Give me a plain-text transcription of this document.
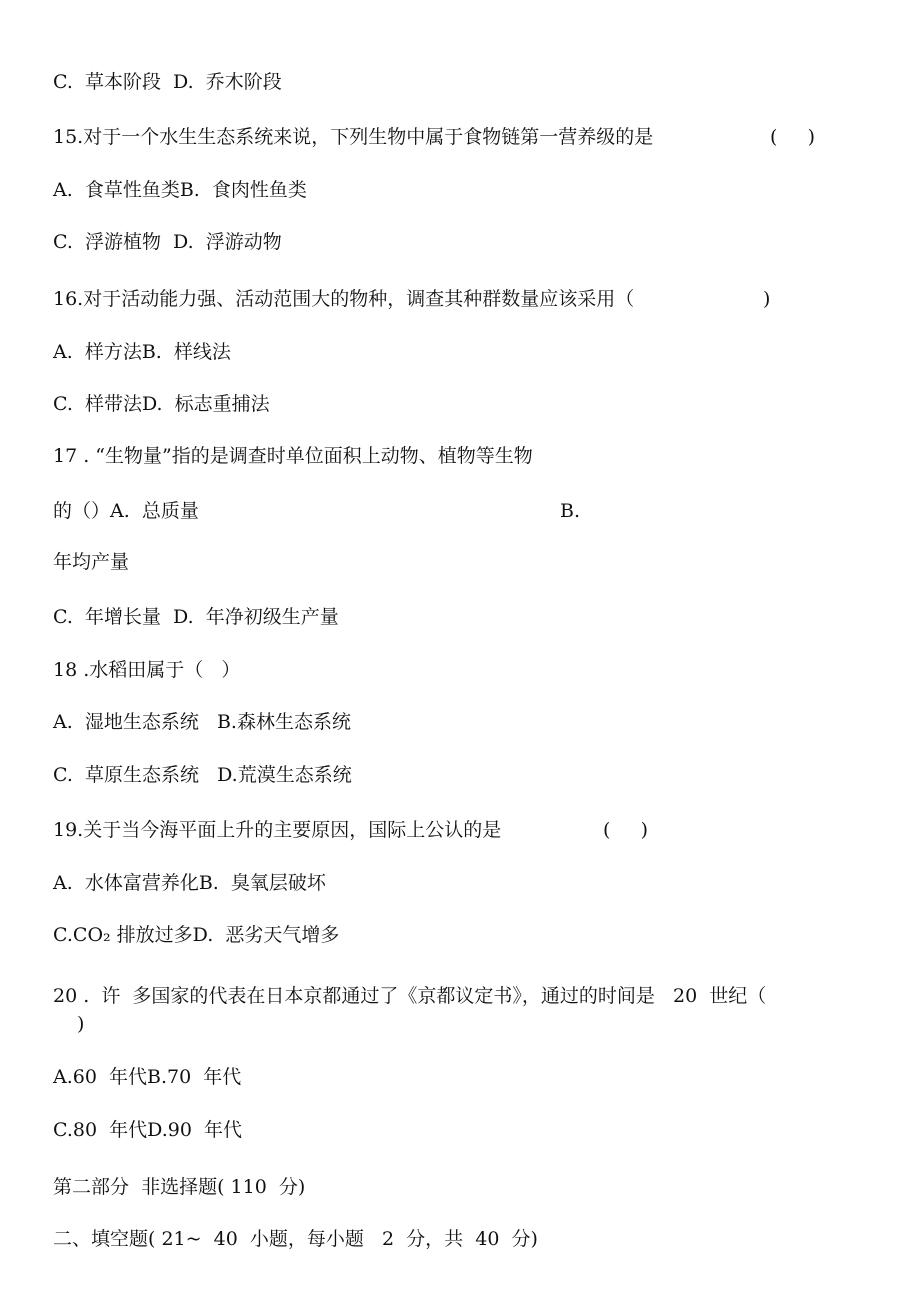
C.  草本阶段  D.  乔木阶段
15.对于一个水生生态系统来说，下列生物中属于食物链第一营养级的是	(     )
A.  食草性鱼类B.  食肉性鱼类
C.  浮游植物  D.  浮游动物
16.对于活动能力强、活动范围大的物种，调查其种群数量应该采用（	)
A.  样方法B.  样线法
C.  样带法D.  标志重捕法
17 . “生物量”指的是调查时单位面积上动物、植物等生物
的（）A.  总质量	B.
年均产量
C.  年增长量  D.  年净初级生产量
18 .水稻田属于（   ）
A.  湿地生态系统   B.森林生态系统
C.  草原生态系统   D.荒漠生态系统
19.关于当今海平面上升的主要原因，国际上公认的是	(     )
A.  水体富营养化B.  臭氧层破坏
C.CO₂ 排放过多D.  恶劣天气增多
20 .  许  多国家的代表在日本京都通过了《京都议定书》，通过的时间是   20  世纪（
)
A.60  年代B.70  年代
C.80  年代D.90  年代
第二部分  非选择题( 110  分)
二、填空题( 21~  40  小题，每小题   2  分，共  40  分)
